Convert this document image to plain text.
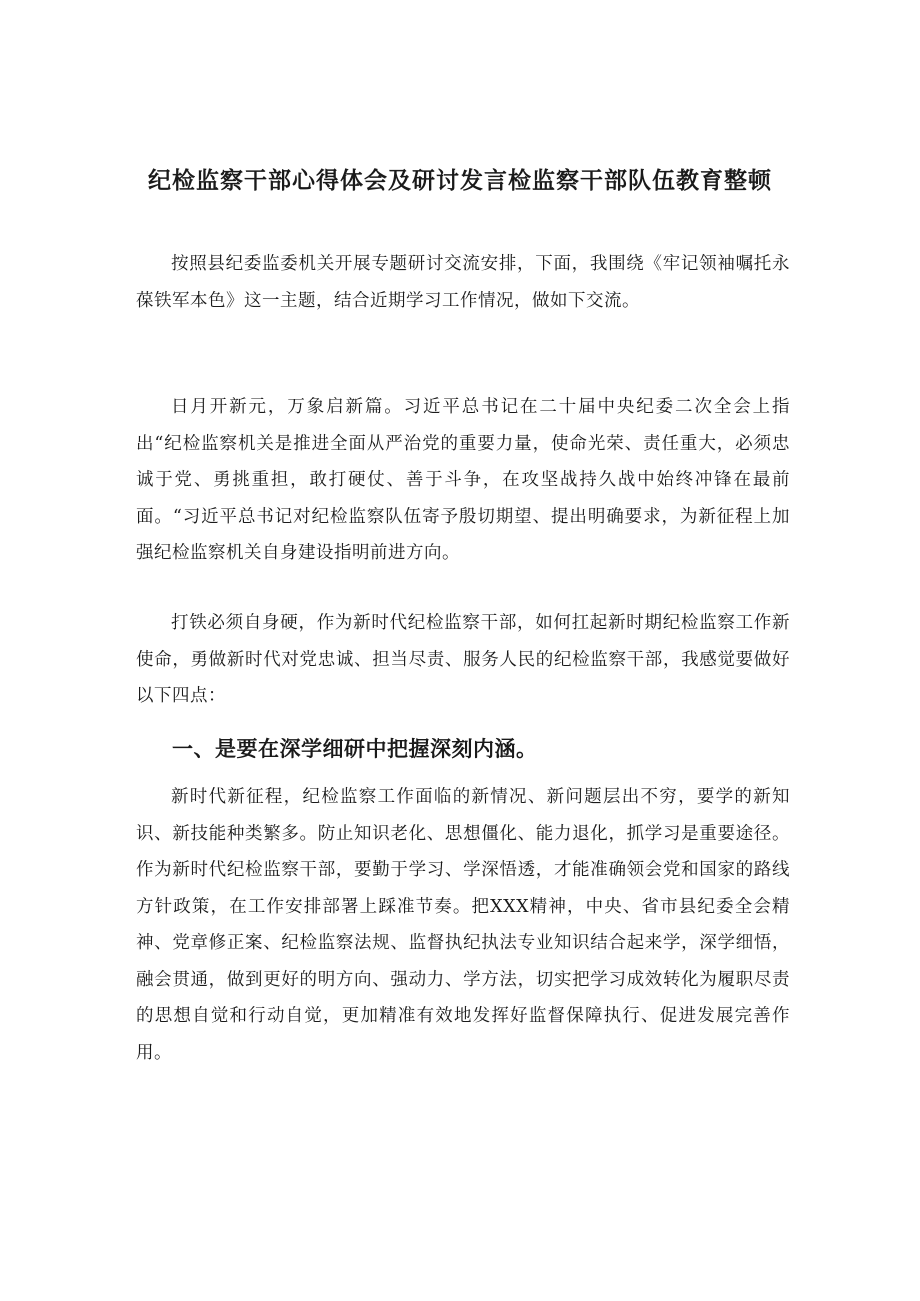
纪检监察干部心得体会及研讨发言检监察干部队伍教育整顿

按照县纪委监委机关开展专题研讨交流安排，下面，我围绕《牢记领袖嘱托永葆铁军本色》这一主题，结合近期学习工作情况，做如下交流。

日月开新元，万象启新篇。习近平总书记在二十届中央纪委二次全会上指出“纪检监察机关是推进全面从严治党的重要力量，使命光荣、责任重大，必须忠诚于党、勇挑重担，敢打硬仗、善于斗争，在攻坚战持久战中始终冲锋在最前面。“习近平总书记对纪检监察队伍寄予殷切期望、提出明确要求，为新征程上加强纪检监察机关自身建设指明前进方向。

打铁必须自身硬，作为新时代纪检监察干部，如何扛起新时期纪检监察工作新使命，勇做新时代对党忠诚、担当尽责、服务人民的纪检监察干部，我感觉要做好以下四点：

一、是要在深学细研中把握深刻内涵。

新时代新征程，纪检监察工作面临的新情况、新问题层出不穷，要学的新知识、新技能种类繁多。防止知识老化、思想僵化、能力退化，抓学习是重要途径。作为新时代纪检监察干部，要勤于学习、学深悟透，才能准确领会党和国家的路线方针政策，在工作安排部署上踩准节奏。把XXX精神，中央、省市县纪委全会精神、党章修正案、纪检监察法规、监督执纪执法专业知识结合起来学，深学细悟，融会贯通，做到更好的明方向、强动力、学方法，切实把学习成效转化为履职尽责的思想自觉和行动自觉，更加精准有效地发挥好监督保障执行、促进发展完善作用。
